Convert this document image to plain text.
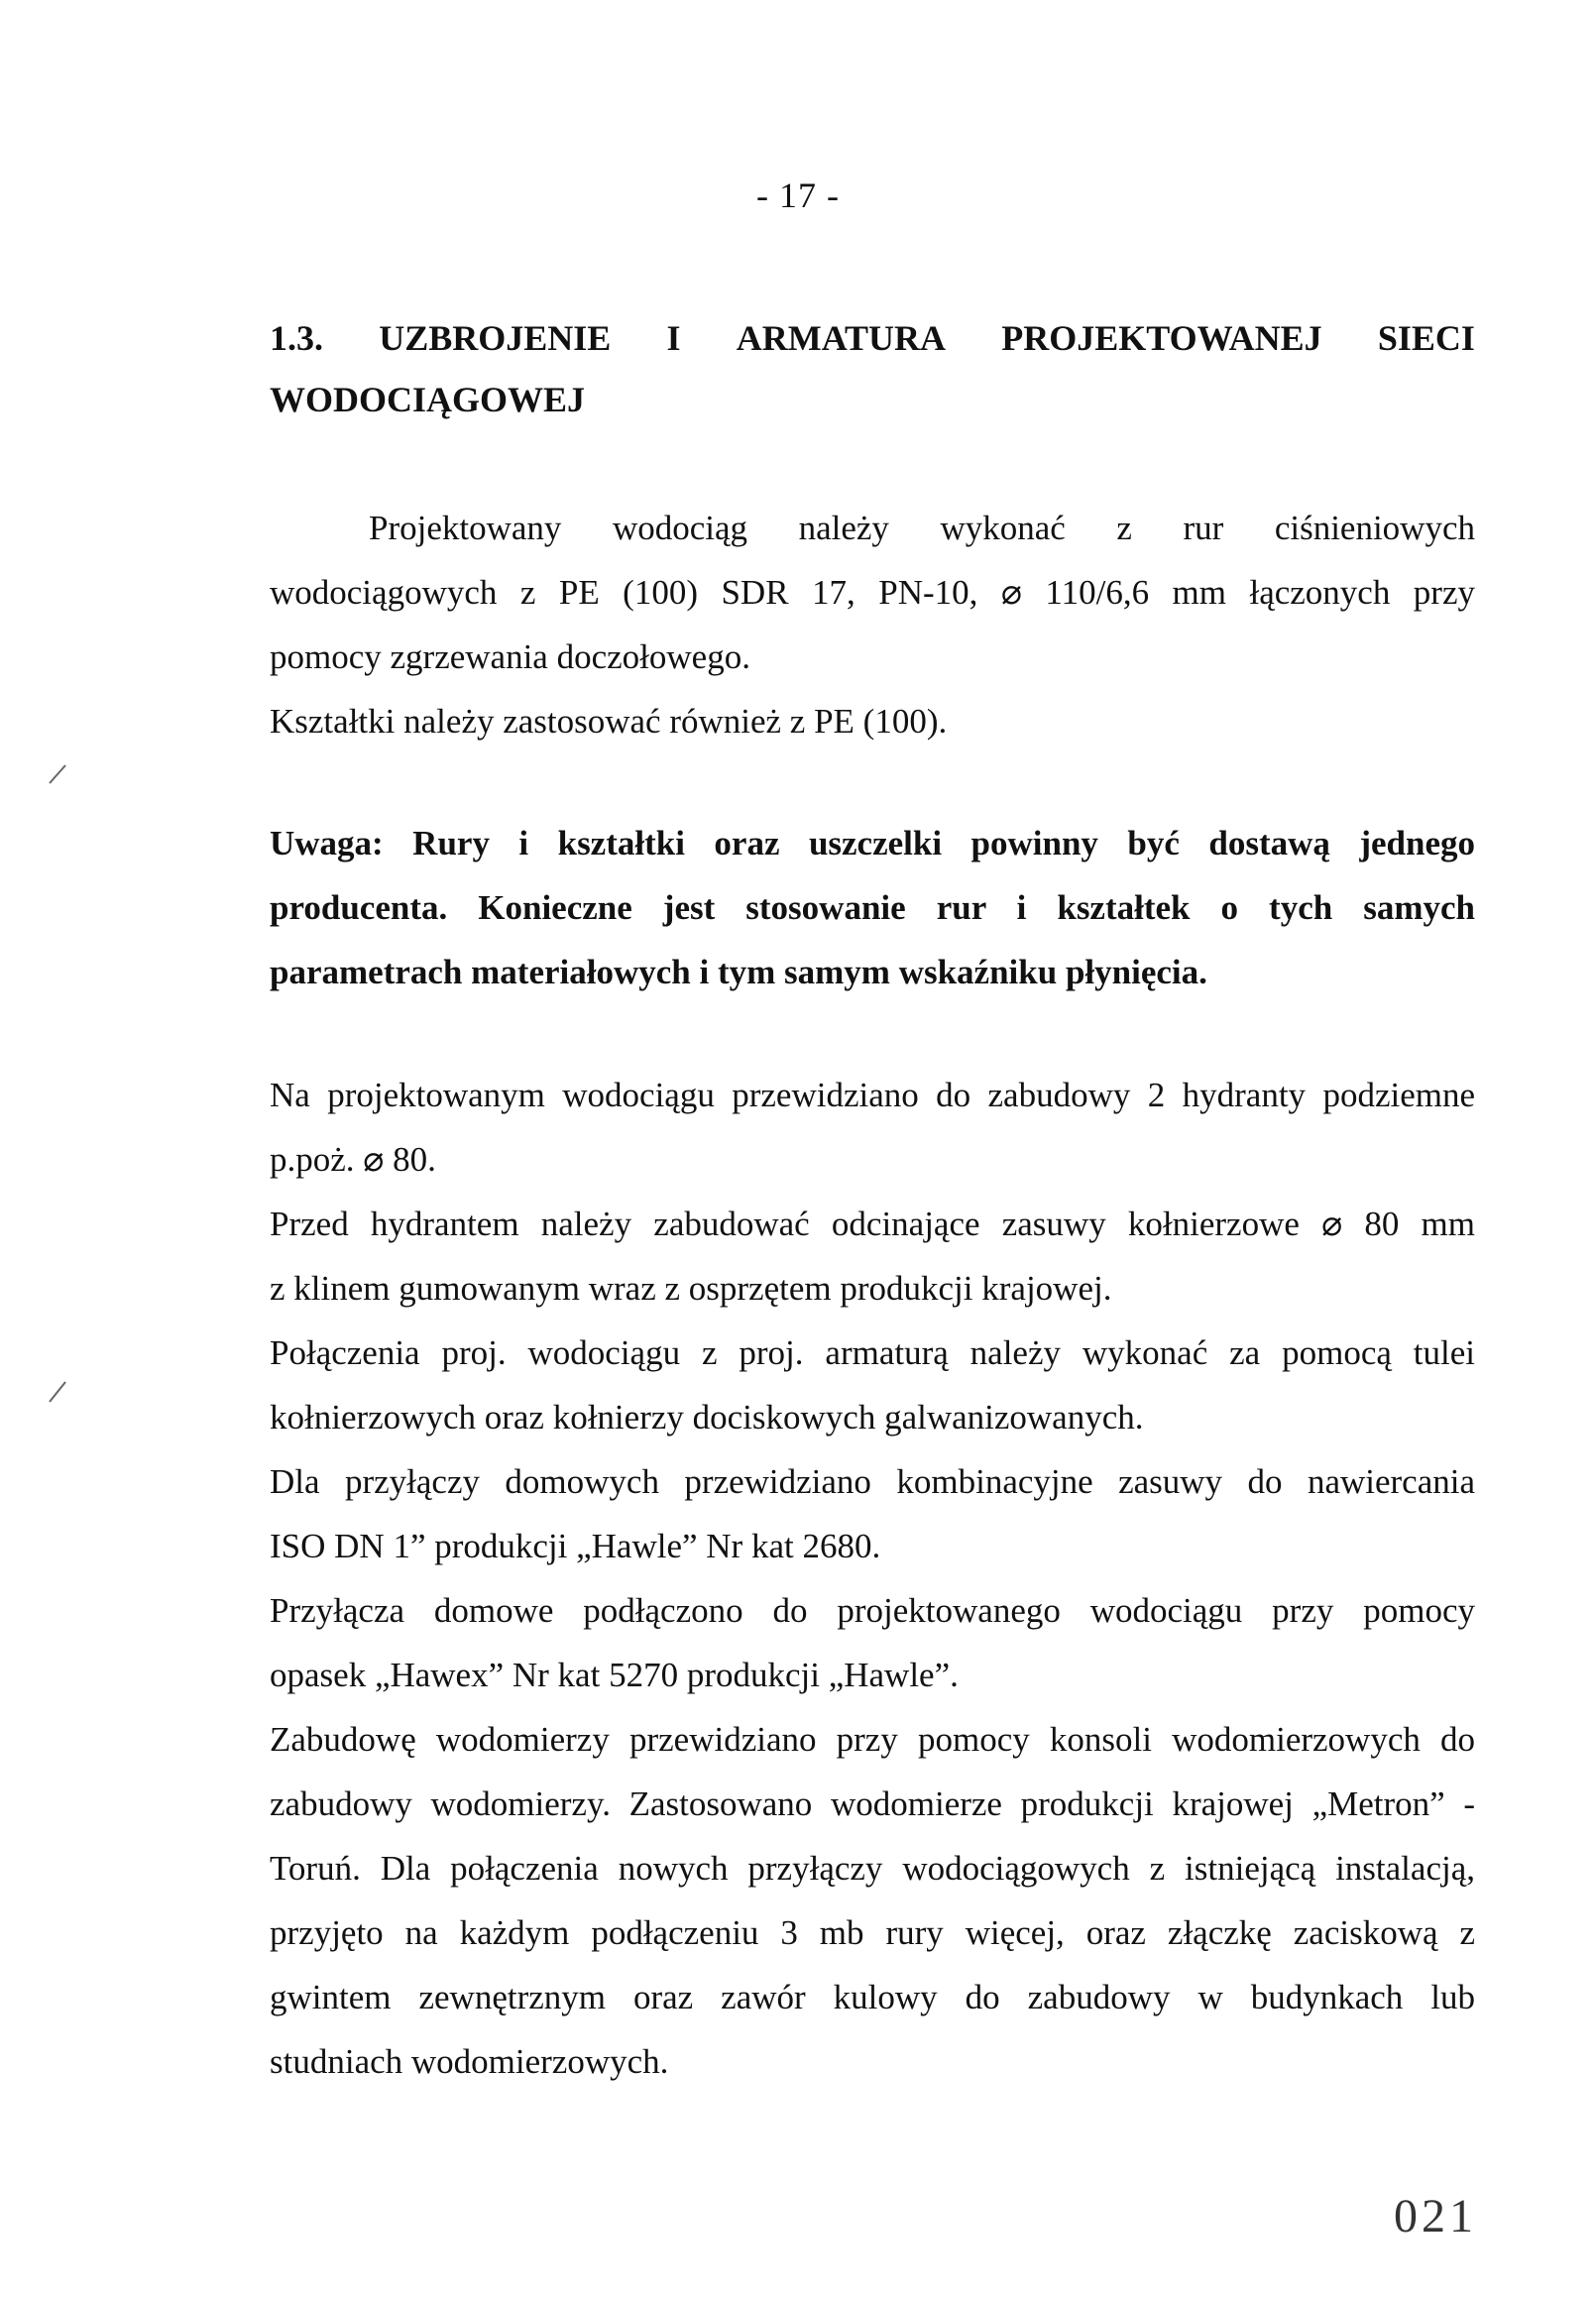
- 17 -
1.3. UZBROJENIE I ARMATURA PROJEKTOWANEJ SIECI
WODOCIĄGOWEJ

Projektowany wodociąg należy wykonać z rur ciśnieniowych

wodociągowych z PE (100) SDR 17, PN-10, ⌀ 110/6,6 mm łączonych przy

pomocy zgrzewania doczołowego.

Kształtki należy zastosować również z PE (100).

Uwaga: Rury i kształtki oraz uszczelki powinny być dostawą jednego

producenta. Konieczne jest stosowanie rur i kształtek o tych samych

parametrach materiałowych i tym samym wskaźniku płynięcia.

Na projektowanym wodociągu przewidziano do zabudowy 2 hydranty podziemne

p.poż. ⌀ 80.

Przed hydrantem należy zabudować odcinające zasuwy kołnierzowe ⌀ 80 mm

z klinem gumowanym wraz z osprzętem produkcji krajowej.

Połączenia proj. wodociągu z proj. armaturą należy wykonać za pomocą tulei

kołnierzowych oraz kołnierzy dociskowych galwanizowanych.

Dla przyłączy domowych przewidziano kombinacyjne zasuwy do nawiercania

ISO DN 1” produkcji „Hawle” Nr kat 2680.

Przyłącza domowe podłączono do projektowanego wodociągu przy pomocy

opasek „Hawex” Nr kat 5270 produkcji „Hawle”.

Zabudowę wodomierzy przewidziano przy pomocy konsoli wodomierzowych do

zabudowy wodomierzy. Zastosowano wodomierze produkcji krajowej „Metron” -

Toruń. Dla połączenia nowych przyłączy wodociągowych z istniejącą instalacją,

przyjęto na każdym podłączeniu 3 mb rury więcej, oraz złączkę zaciskową z

gwintem zewnętrznym oraz zawór kulowy do zabudowy w budynkach lub

studniach wodomierzowych.

021
